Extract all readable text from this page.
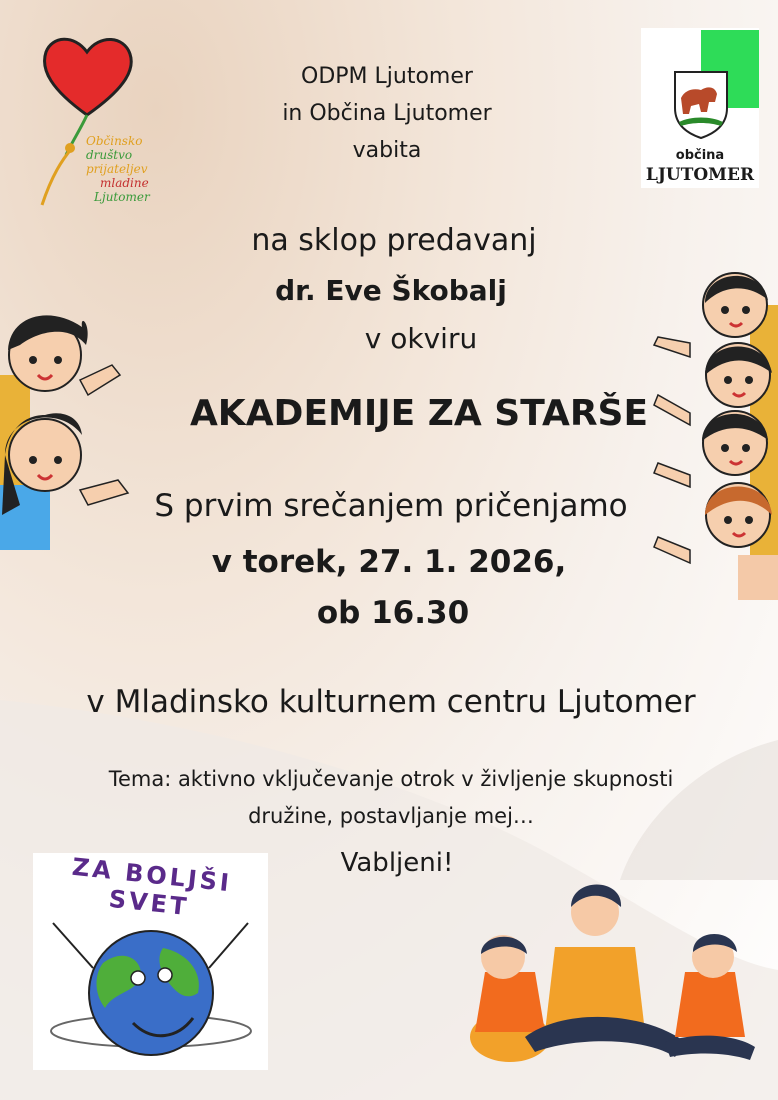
Občinsko
društvo
prijateljev
mladine
Ljutomer
ODPM Ljutomer
in Občina Ljutomer
vabita	občina
LJUTOMER
na sklop predavanj
dr. Eve Škobalj
v okviru
AKADEMIJE ZA STARŠE
S prvim srečanjem pričenjamo
v torek, 27. 1. 2026,
ob 16.30
v Mladinsko kulturnem centru Ljutomer
Tema: aktivno vključevanje otrok v življenje skupnosti
družine, postavljanje mej…
Vabljeni!
ZA BOLJŠI SVET
